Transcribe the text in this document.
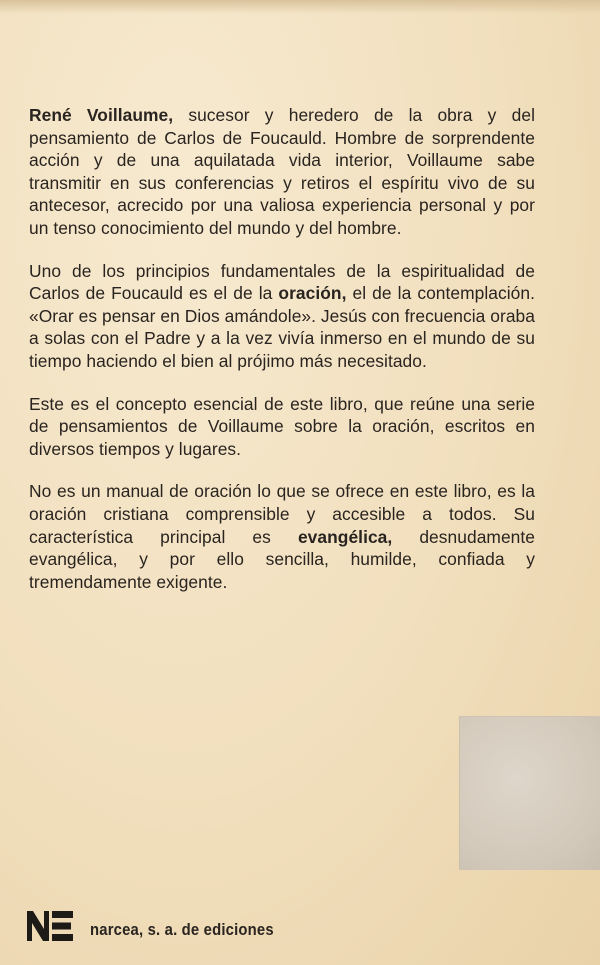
René Voillaume, sucesor y heredero de la obra y del pensamiento de Carlos de Foucauld. Hombre de sorprendente acción y de una aquilatada vida interior, Voillaume sabe transmitir en sus conferencias y retiros el espíritu vivo de su antecesor, acrecido por una valiosa experiencia personal y por un tenso conocimiento del mundo y del hombre.

Uno de los principios fundamentales de la espiritualidad de Carlos de Foucauld es el de la oración, el de la contemplación. «Orar es pensar en Dios amándole». Jesús con frecuencia oraba a solas con el Padre y a la vez vivía inmerso en el mundo de su tiempo haciendo el bien al prójimo más necesitado.

Este es el concepto esencial de este libro, que reúne una serie de pensamientos de Voillaume sobre la oración, escritos en diversos tiempos y lugares.

No es un manual de oración lo que se ofrece en este libro, es la oración cristiana comprensible y accesible a todos. Su característica principal es evangélica, desnudamente evangélica, y por ello sencilla, humilde, confiada y tremendamente exigente.

narcea, s. a. de ediciones
